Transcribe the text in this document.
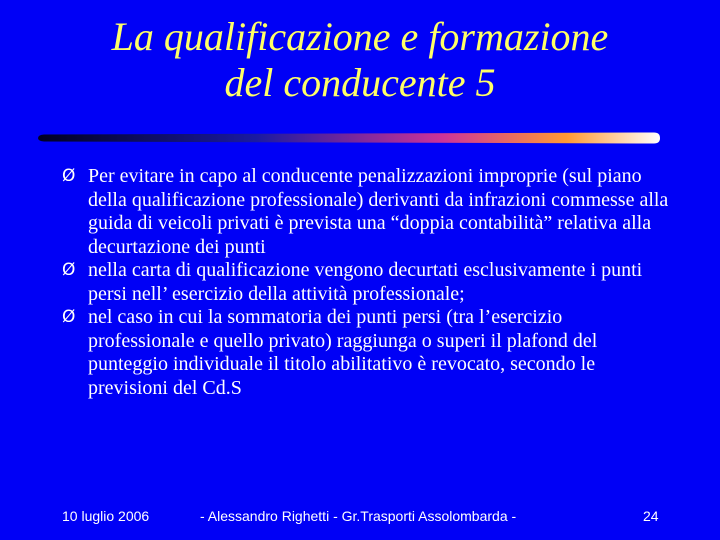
La qualificazione e formazione
del conducente 5
Ø Per evitare in capo al conducente penalizzazioni improprie (sul piano della qualificazione professionale) derivanti da infrazioni commesse alla guida di veicoli privati è prevista una “doppia contabilità” relativa alla decurtazione dei punti
Ø nella carta di qualificazione vengono decurtati esclusivamente i punti persi nell’ esercizio della attività professionale;
Ø nel caso in cui la sommatoria dei punti persi (tra l’esercizio professionale e quello privato) raggiunga o superi il plafond del punteggio individuale il titolo abilitativo è revocato, secondo le previsioni del Cd.S
10 luglio 2006	- Alessandro Righetti - Gr.Trasporti Assolombarda -	24
